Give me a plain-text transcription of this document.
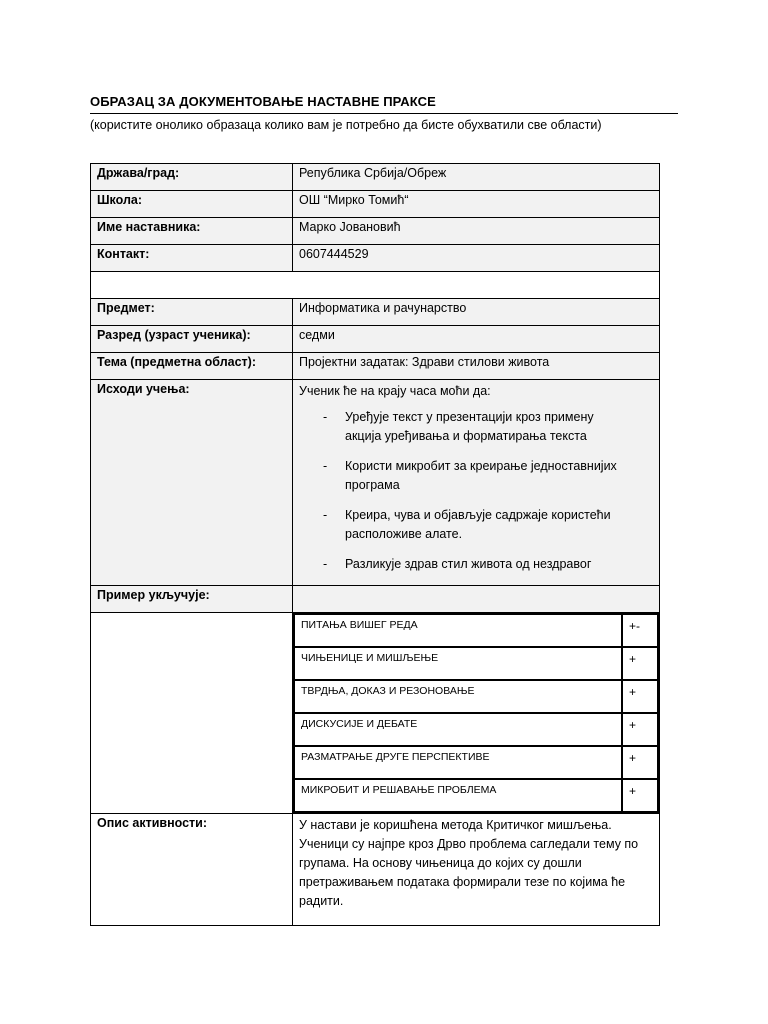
ОБРАЗАЦ ЗА ДОКУМЕНТОВАЊЕ НАСТАВНЕ ПРАКСЕ
(користите онолико образаца колико вам је потребно да бисте обухватили све области)
Држава/град:	Република Србија/Обреж
Школа:	ОШ “Мирко Томић“
Име наставника:	Марко Јовановић
Контакт:	0607444529

Предмет:	Информатика и рачунарство
Разред (узраст ученика):	седми
Тема (предметна област):	Пројектни задатак: Здрави стилови живота
Исходи учења:	Ученик ће на крају часа моћи да:
- Уређује текст у презентацији кроз примену акција уређивања и форматирања текста
- Користи микробит за креирање једноставнијих програма
- Креира, чува и објављује садржаје користећи расположиве алате.
- Разликује здрав стил живота од нездравог

Пример укључује:	

ПИТАЊА ВИШЕГ РЕДА	+-
ЧИЊЕНИЦЕ И МИШЉЕЊЕ	+
ТВРДЊА, ДОКАЗ И РЕЗОНОВАЊЕ	+
ДИСКУСИЈЕ И ДЕБАТЕ	+
РАЗМАТРАЊЕ ДРУГЕ ПЕРСПЕКТИВЕ	+
МИКРОБИТ И РЕШАВАЊЕ ПРОБЛЕМА	+

Опис активности:	У настави је коришћена метода Критичког мишљења. Ученици су најпре кроз Дрво проблема сагледали тему по групама. На основу чињеница до којих су дошли претраживањем података формирали тезе по којима ће радити.
